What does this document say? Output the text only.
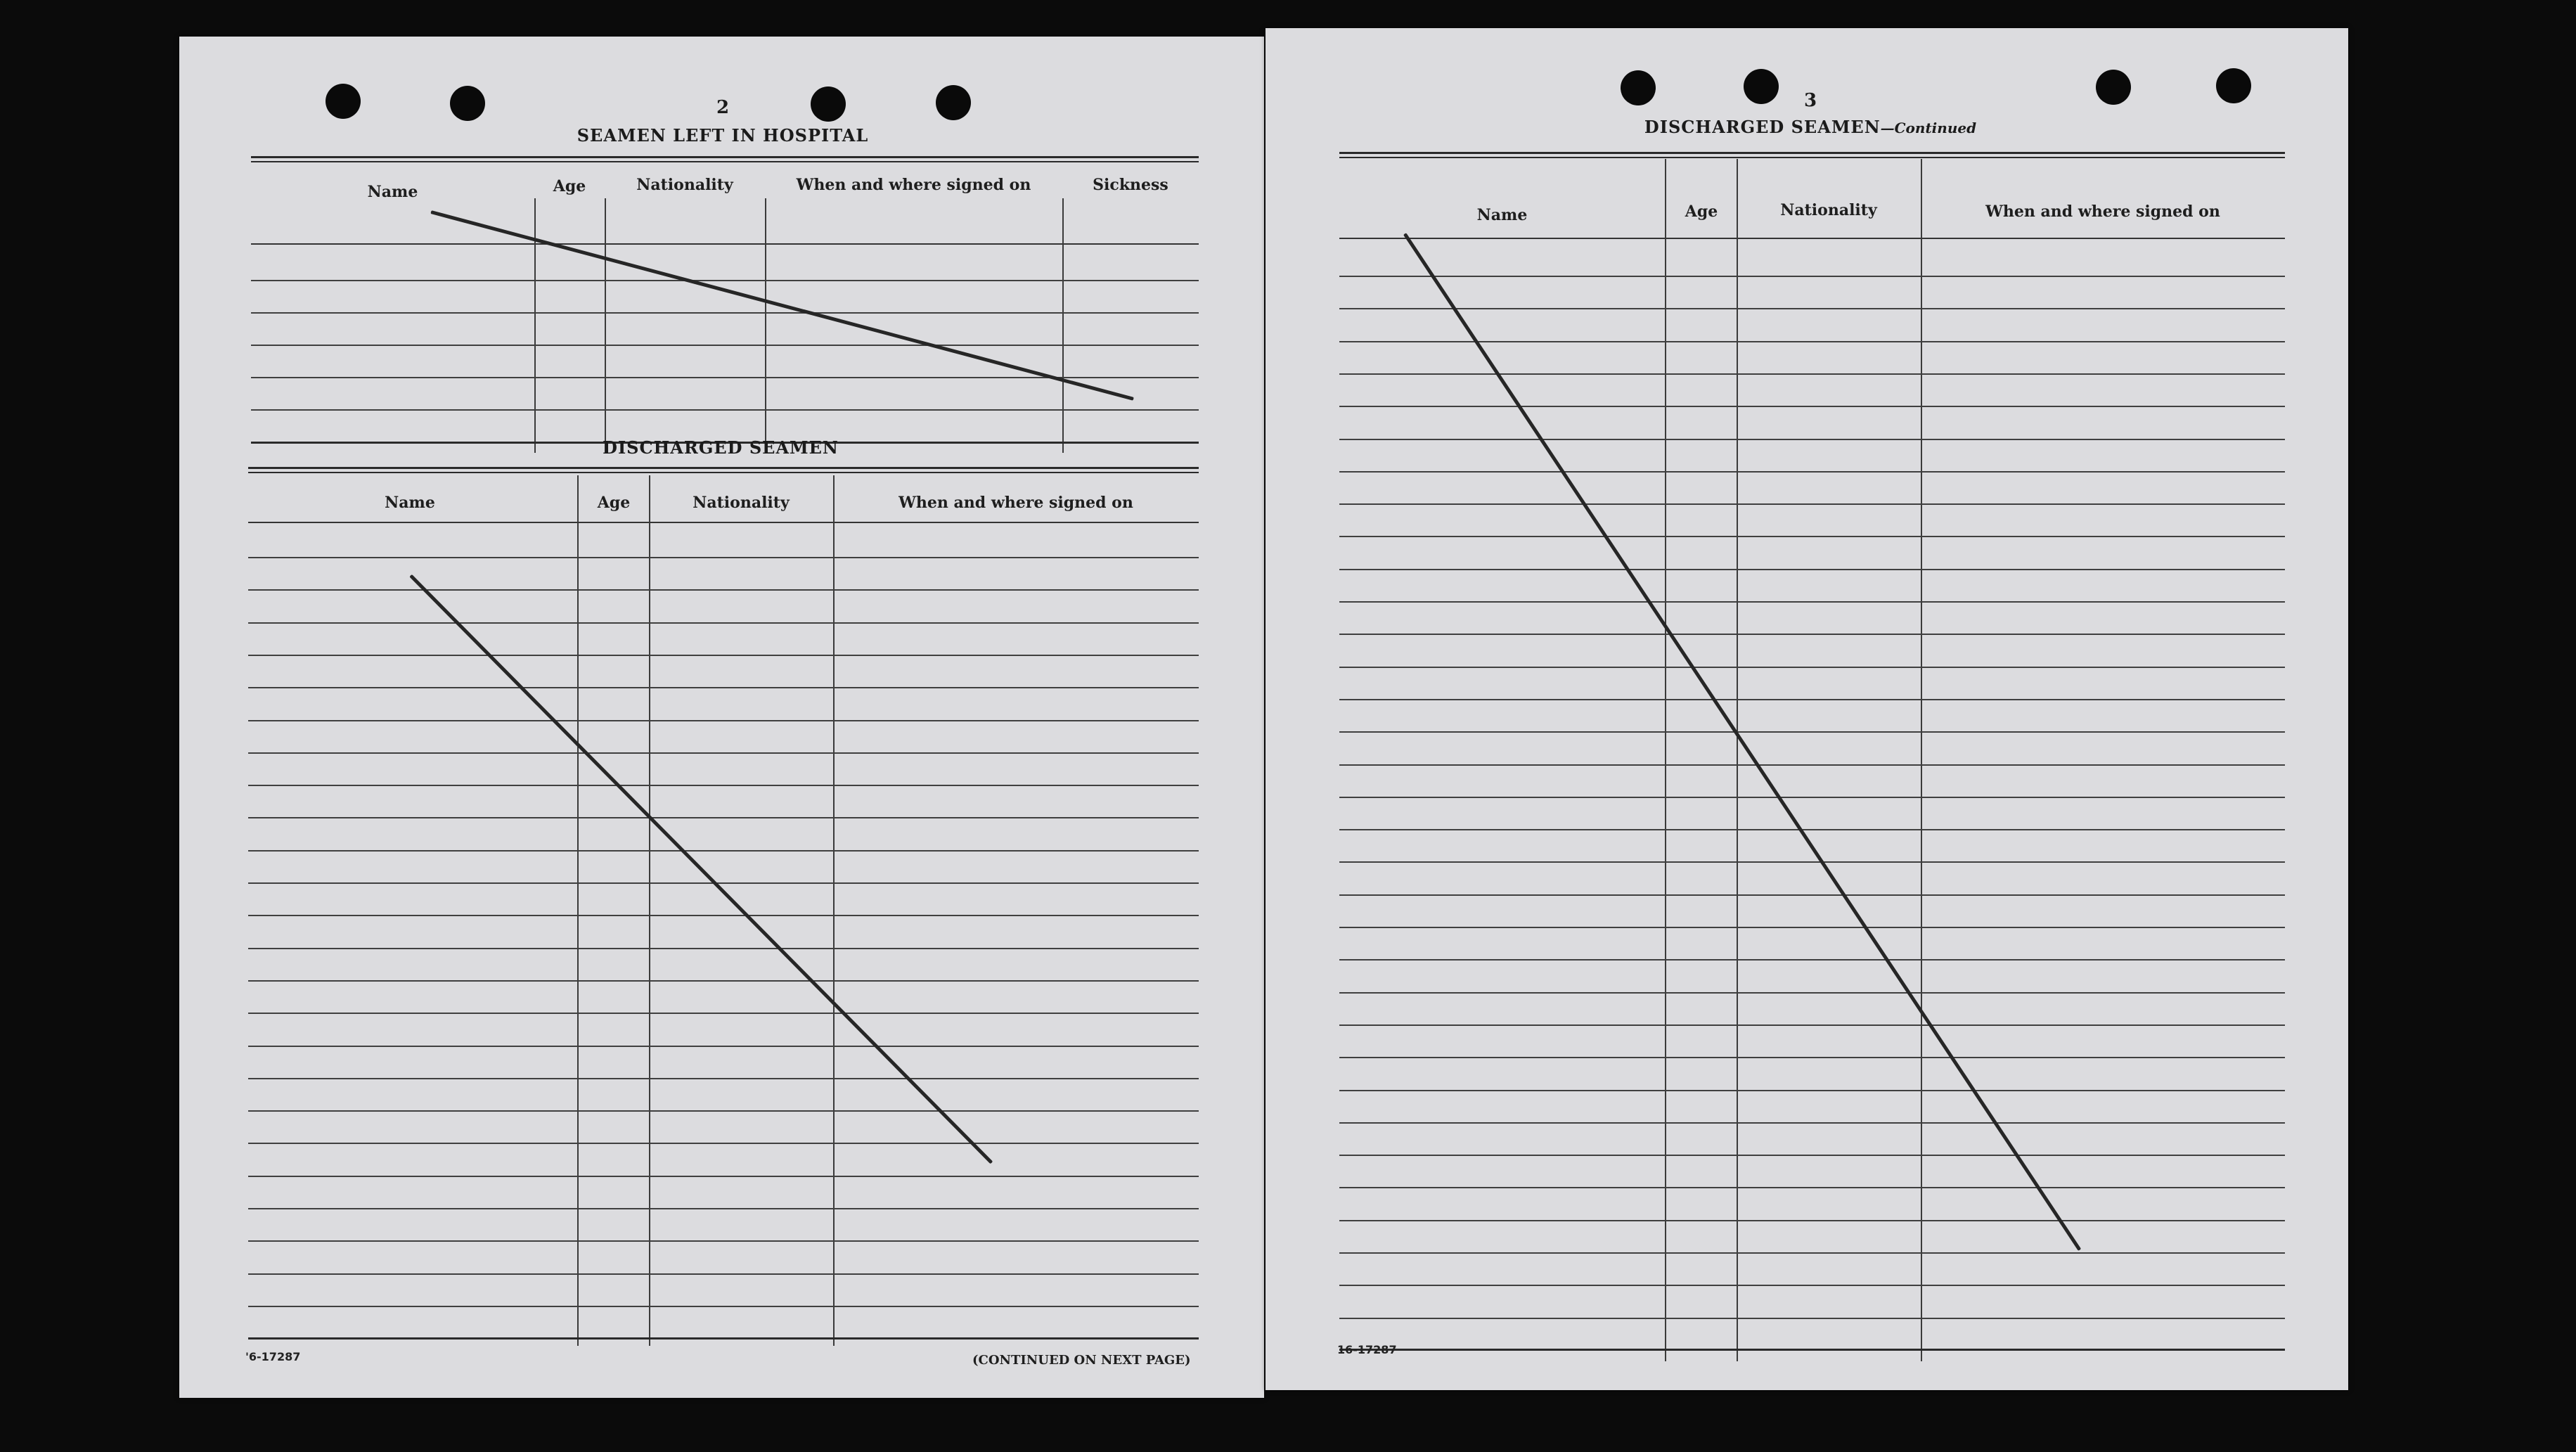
2
SEAMEN LEFT IN HOSPITAL
Name	Age	Nationality	When and where signed on	Sickness
DISCHARGED SEAMEN
Name	Age	Nationality	When and where signed on
'6-17287	(CONTINUED ON NEXT PAGE)
3
DISCHARGED SEAMEN—Continued
Name	Age	Nationality	When and where signed on
16-17287
